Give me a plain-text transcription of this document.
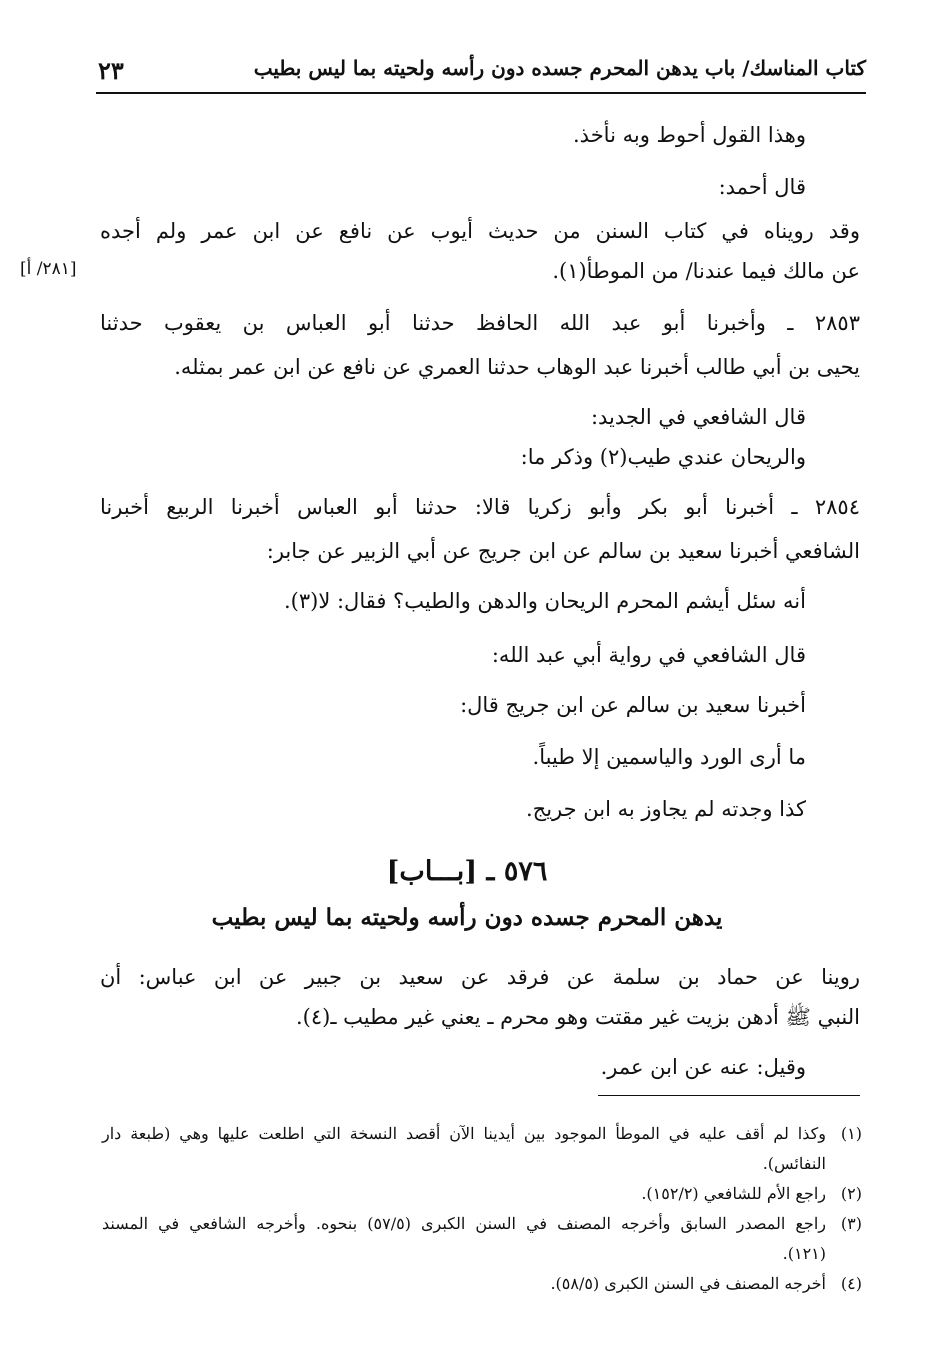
كتاب المناسك/ باب يدهن المحرم جسده دون رأسه ولحيته بما ليس بطيب
٢٣
وهذا القول أحوط وبه نأخذ.
قال أحمد:
وقد رويناه في كتاب السنن من حديث أيوب عن نافع عن ابن عمر ولم أجده
عن مالك فيما عندنا/ من الموطأ(١).
[٢٨١/ أ]
٢٨٥٣ ـ وأخبرنا أبو عبد الله الحافظ حدثنا أبو العباس بن يعقوب حدثنا
يحيى بن أبي طالب أخبرنا عبد الوهاب حدثنا العمري عن نافع عن ابن عمر بمثله.
قال الشافعي في الجديد:
والريحان عندي طيب(٢) وذكر ما:
٢٨٥٤ ـ أخبرنا أبو بكر وأبو زكريا قالا: حدثنا أبو العباس أخبرنا الربيع أخبرنا
الشافعي أخبرنا سعيد بن سالم عن ابن جريج عن أبي الزبير عن جابر:
أنه سئل أيشم المحرم الريحان والدهن والطيب؟ فقال: لا(٣).
قال الشافعي في رواية أبي عبد الله:
أخبرنا سعيد بن سالم عن ابن جريج قال:
ما أرى الورد والياسمين إلا طيباً.
كذا وجدته لم يجاوز به ابن جريج.
٥٧٦ ـ [بـــاب]
يدهن المحرم جسده دون رأسه ولحيته بما ليس بطيب
روينا عن حماد بن سلمة عن فرقد عن سعيد بن جبير عن ابن عباس: أن
النبي ﷺ أدهن بزيت غير مقتت وهو محرم ـ يعني غير مطيب ـ(٤).
وقيل: عنه عن ابن عمر.
(١)وكذا لم أقف عليه في الموطأ الموجود بين أيدينا الآن أقصد النسخة التي اطلعت عليها وهي (طبعة دار
النفائس).
(٢)راجع الأم للشافعي (١٥٢/٢).
(٣)راجع المصدر السابق وأخرجه المصنف في السنن الكبرى (٥٧/٥) بنحوه. وأخرجه الشافعي في المسند
(١٢١).
(٤)أخرجه المصنف في السنن الكبرى (٥٨/٥).
